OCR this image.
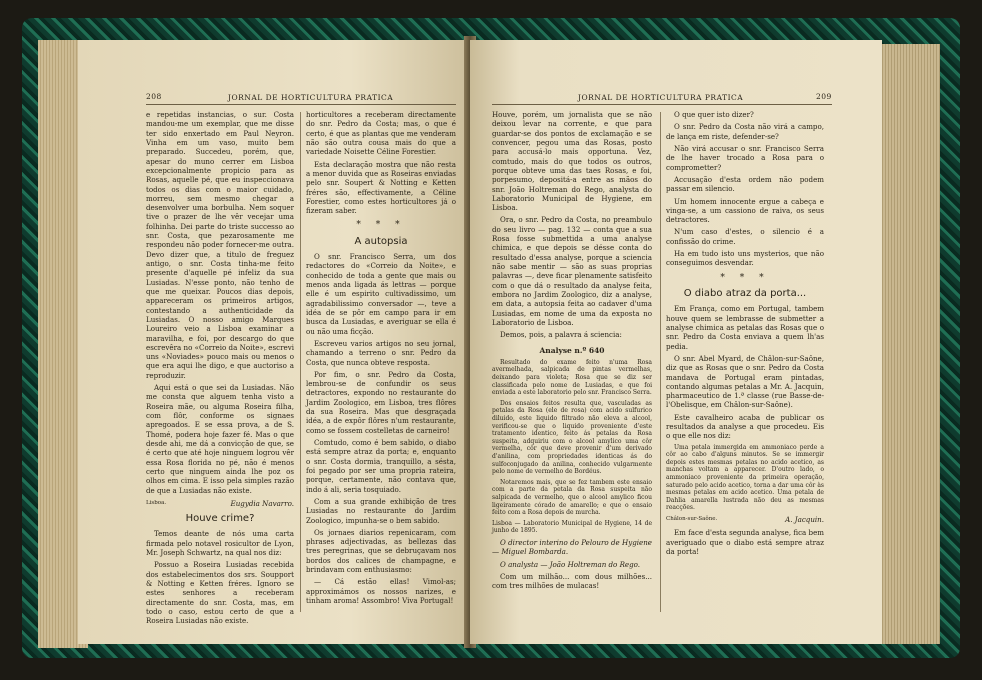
208	JORNAL DE HORTICULTURA PRATICA

e repetidas instancias, o sur. Costa mandou-me um exemplar, que me disse ter sido enxertado em Paul Neyron. Vinha em um vaso, muito bem preparado. Succedeu, porém, que, apesar do muno cerrer em Lisboa excepcionalmente propicio para as Rosas, aquelle pé, que eu inspeccionava todos os dias com o maior cuidado, morreu, sem mesmo chegar a desenvolver uma borbulha. Nem soquer tive o prazer de lhe vêr vecejar uma folhinha. Dei parte do triste successo ao snr. Costa, que pezarosamente me respondeu não poder fornecer-me outra. Devo dizer que, a titulo de freguez antigo, o snr. Costa tinha-me feito presente d'aquelle pé infeliz da sua Lusiadas. N'esse ponto, não tenho de que me queixar. Poucos dias depois, appareceram os primeiros artigos, contestando a authenticidade da Lusiadas. O nosso amigo Marques Loureiro veio a Lisboa examinar a maravilha, e foi, por descargo do que escrevêra no «Correio da Noite», escrevi uns «Noviades» pouco mais ou menos o que era aqui lhe digo, e que auctoriso a reproduzir.

Aqui está o que sei da Lusiadas. Não me consta que alguem tenha visto a Roseira mãe, ou alguma Roseira filha, com flôr, conforme os signaes apregoados. E se essa prova, a de S. Thomé, podera hoje fazer fé. Mas o que desde ahi, me dá a convicção de que, se é certo que até hoje ninguem logrou vêr essa Rosa florida no pé, não é menos certo que ninguem ainda lhe poz os olhos em cima. E isso pela simples razão de que a Lusiadas não existe.

Lisboa.	Eugydia Navarro.
Houve crime?

Temos deante de nós uma carta firmada pelo notavel rosicultor de Lyon, Mr. Joseph Schwartz, na qual nos diz:

Possuo a Roseira Lusiadas recebida dos estabelecimentos dos srs. Soupport & Notting e Ketten fréres. Ignoro se estes senhores a receberam directamente do snr. Costa, mas, em todo o caso, estou certo de que a Roseira Lusiadas não existe.

horticultores a receberam directamente do snr. Pedro da Costa; mas, o que é certo, é que as plantas que me venderam não são outra cousa mais do que a variedade Noisette Céline Forestier.

Esta declaração mostra que não resta a menor duvida que as Roseiras enviadas pelo snr. Soupert & Notting e Ketten fréres são, effectivamente, a Céline Forestier, como estes horticultores já o fizeram saber.

* * *
A autopsia

O snr. Francisco Serra, um dos redactores do «Correio da Noite», e conhecido de toda a gente que mais ou menos anda ligada ás lettras — porque elle é um espirito cultivadissimo, um agradabilissimo conversador —, teve a idéa de se pôr em campo para ir em busca da Lusiadas, e averiguar se ella é ou não uma ficção.

Escreveu varios artigos no seu jornal, chamando a terreno o snr. Pedro da Costa, que nunca obteve resposta.

Por fim, o snr. Pedro da Costa, lembrou-se de confundir os seus detractores, expondo no restaurante do Jardim Zoologico, em Lisboa, tres flôres da sua Roseira. Mas que desgraçada idéa, a de expôr flôres n'um restaurante, como se fossem costelletas de carneiro!

Comtudo, como é bem sabido, o diabo está sempre atraz da porta; e, enquanto o snr. Costa dormia, tranquillo, a sésta, foi pegado por ser uma propria rateira, porque, certamente, não contava que, indo á ali, seria tosquiado.

Com a sua grande exhibição de tres Lusiadas no restaurante do Jardim Zoologico, impunha-se o bem sabido.

Os jornaes diarios repenicaram, com phrases adjectivadas, as bellezas das tres peregrinas, que se debruçavam nos bordos dos calices de champagne, e brindavam com enthusiasmo:

— Cá estão ellas! Vimol-as; approximámos os nossos narizes, e tinham aroma! Assombro! Viva Portugal!

JORNAL DE HORTICULTURA PRATICA	209

Houve, porém, um jornalista que se não deixou levar na corrente, e que para guardar-se dos pontos de exclamação e se convencer, pegou uma das Rosas, posto para accusá-lo mais opportuna. Vez, comtudo, mais do que todos os outros, porque obteve uma das taes Rosas, e foi, porpesumo, depositá-a entre as mãos do snr. João Holtreman do Rego, analysta do Laboratorio Municipal de Hygiene, em Lisboa.

Ora, o snr. Pedro da Costa, no preambulo do seu livro — pag. 132 — conta que a sua Rosa fosse submettida a uma analyse chimica, e que depois se désse conta do resultado d'essa analyse, porque a sciencia não sabe mentir — são as suas proprias palavras —, deve ficar plenamente satisfeito com o que dá o resultado da analyse feita, embora no Jardim Zoologico, diz a analyse, em data, a autopsia feita ao cadaver d'uma Lusiadas, em nome de uma da exposta no Laboratorio de Lisboa.

Demos, pois, a palavra á sciencia:

Analyse n.º 640

Resultado do exame feito n'uma Rosa avermelhada, salpicada de pintas vermelhas, deixando para violeta; Rosa que se diz ser classificada pelo nome de Lusiadas, e que foi enviada a este laboratorio pelo snr. Francisco Serra.

Dos ensaios feitos resulta que, vasculadas as petalas da Rosa (ele de rosa) com acido sulfurico diluido, este liquido filtrado não eleva a alcool, verificou-se que o liquido proveniente d'este tratamento identico, feito ás petalas da Rosa suspeita, adquiriu com o alcool amylico uma côr vermelha, côr que deve provenir d'um derivado d'anilina, com propriedades identicas ás do sulfoconjugado da anilina, conhecido vulgarmente pelo nome de vermelho de Bordéus.

Notaremos mais, que se fez tambem este ensaio com a parte da petala da Rosa suspeita não salpicada de vermelho, que o alcool amylico ficou ligeiramente córado de amarello; e que o ensaio feito com a Rosa depois de murcha.

Lisboa — Laboratorio Municipal de Hygiene, 14 de junho de 1895.

O director interino do Pelouro de Hygiene — Miguel Bombarda.

O analysta — João Holtreman do Rego.

Com um milhão... com dous milhões... com tres milhões de mulacas!

O que quer isto dizer?

O snr. Pedro da Costa não virá a campo, de lança em riste, defender-se?

Não virá accusar o snr. Francisco Serra de lhe haver trocado a Rosa para o comprometter?

Accusação d'esta ordem não podem passar em silencio.

Um homem innocente ergue a cabeça e vinga-se, a um cassiono de raiva, os seus detractores.

N'um caso d'estes, o silencio é a confissão do crime.

Ha em tudo isto uns mysterios, que não conseguimos desvendar.

* * *
O diabo atraz da porta...

Em França, como em Portugal, tambem houve quem se lembrasse de submetter a analyse chimica as petalas das Rosas que o snr. Pedro da Costa enviava a quem lh'as pedia.

O snr. Abel Myard, de Châlon-sur-Saône, diz que as Rosas que o snr. Pedro da Costa mandava de Portugal eram pintadas, contando algumas petalas a Mr. A. Jacquin, pharmaceutico de 1.ª classe (rue Basse-de-l'Obelisque, em Châlon-sur-Saône).

Este cavalheiro acaba de publicar os resultados da analyse a que procedeu. Eis o que elle nos diz:

Uma petala immergida em ammoniaco perde a côr ao cabo d'alguns minutos. Se se immergir depois estes mesmas petalas no acido acetico, as manchas voltam a apparecer. D'outro lado, o ammoniaco proveniente da primeira operação, saturado pelo acido acetico, torna a dar uma côr às mesmas petalas em acido acetico. Uma petala de Dahlia amarella lustrada não deu as mesmas reacções.

Châlon-sur-Saône.	A. Jacquin.

Em face d'esta segunda analyse, fica bem averiguado que o diabo está sempre atraz da porta!
